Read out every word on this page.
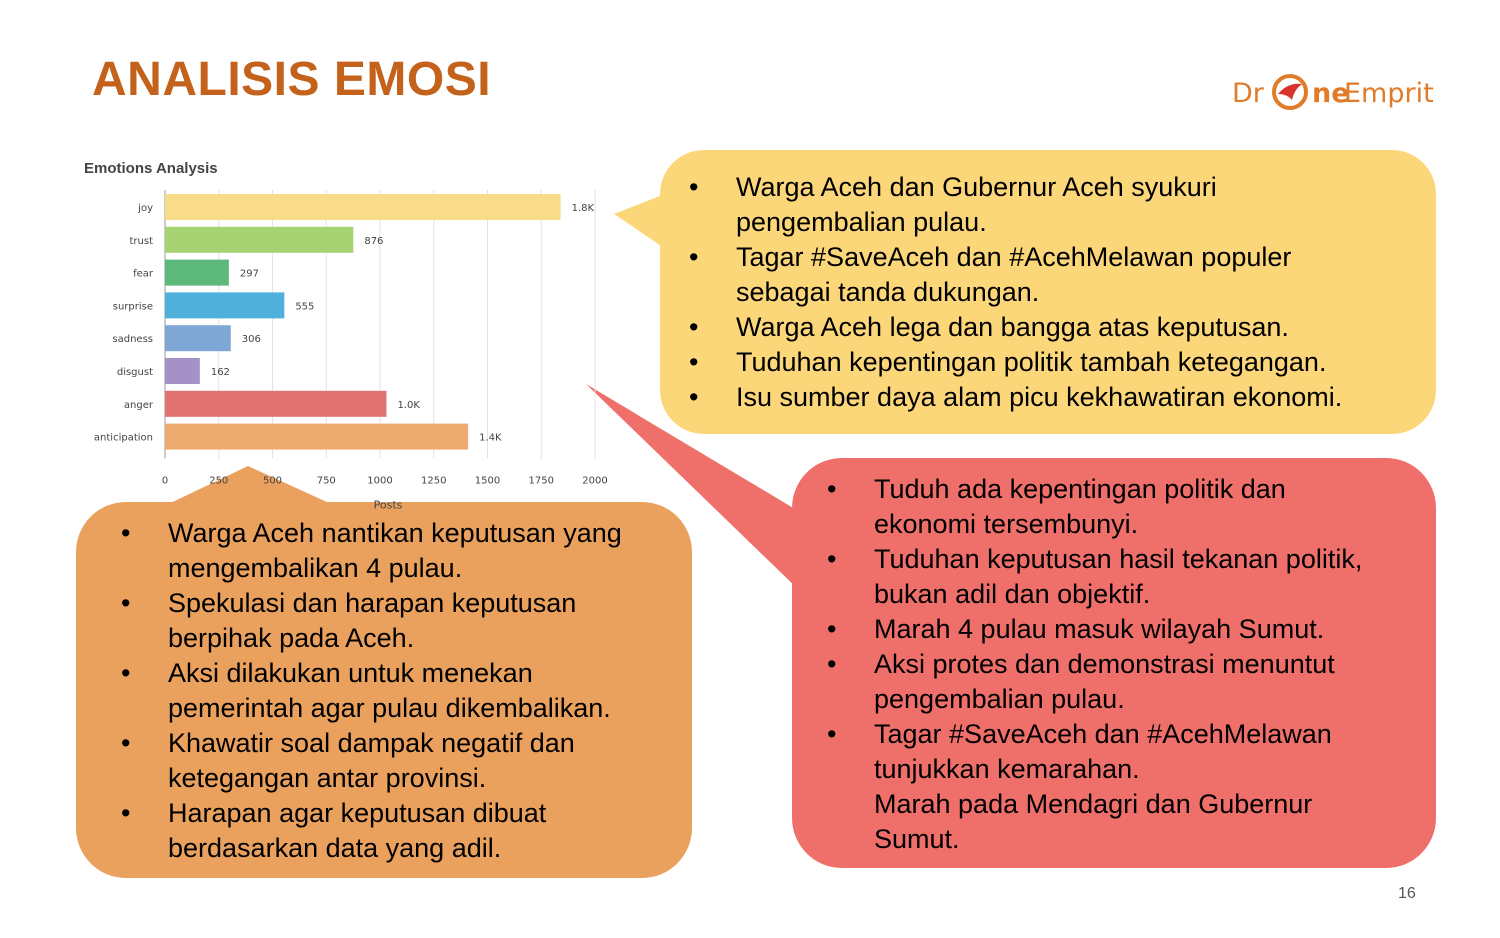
ANALISIS EMOSI	Dr ne
Emprit
Emotions Analysis
joy	1.8K
trust	876
fear	297
surprise	555
sadness	306
disgust	162
anger	1.0K
anticipation	1.4K
0	250	500	750	1000	1250	1500	1750	2000
Posts
• Warga Aceh dan Gubernur Aceh syukuri
pengembalian pulau.
• Tagar #SaveAceh dan #AcehMelawan populer
sebagai tanda dukungan.
• Warga Aceh lega dan bangga atas keputusan.
• Tuduhan kepentingan politik tambah ketegangan.
• Isu sumber daya alam picu kekhawatiran ekonomi.
• Warga Aceh nantikan keputusan yang
mengembalikan 4 pulau.
• Spekulasi dan harapan keputusan
berpihak pada Aceh.
• Aksi dilakukan untuk menekan
pemerintah agar pulau dikembalikan.
• Khawatir soal dampak negatif dan
ketegangan antar provinsi.
• Harapan agar keputusan dibuat
berdasarkan data yang adil.
• Tuduh ada kepentingan politik dan
ekonomi tersembunyi.
• Tuduhan keputusan hasil tekanan politik,
bukan adil dan objektif.
• Marah 4 pulau masuk wilayah Sumut.
• Aksi protes dan demonstrasi menuntut
pengembalian pulau.
• Tagar #SaveAceh dan #AcehMelawan
tunjukkan kemarahan.
Marah pada Mendagri dan Gubernur
Sumut.
16
